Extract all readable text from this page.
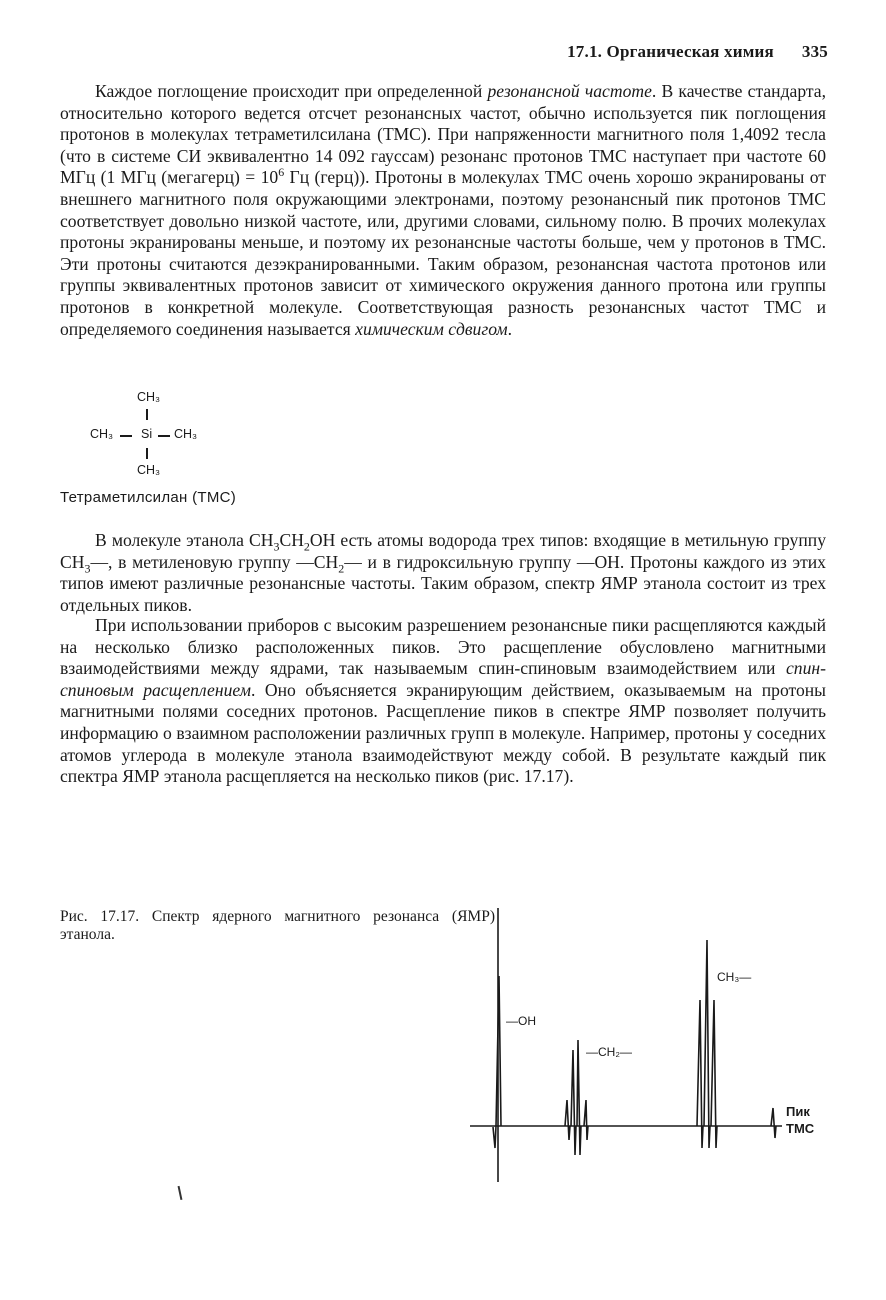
17.1. Органическая химия 335

Каждое поглощение происходит при определенной резонансной частоте. В качестве стандарта, относительно которого ведется отсчет резонансных частот, обычно используется пик поглощения протонов в молекулах тетраметилсилана (ТМС). При напряженности магнитного поля 1,4092 тесла (что в системе СИ эквивалентно 14 092 гауссам) резонанс протонов ТМС наступает при частоте 60 МГц (1 МГц (мегагерц) = $10^6$ Гц (герц)). Протоны в молекулах ТМС очень хорошо экранированы от внешнего магнитного поля окружающими электронами, поэтому резонансный пик протонов ТМС соответствует довольно низкой частоте, или, другими словами, сильному полю. В прочих молекулах протоны экранированы меньше, и поэтому их резонансные частоты больше, чем у протонов в ТМС. Эти протоны считаются дезэкранированными. Таким образом, резонансная частота протонов или группы эквивалентных протонов зависит от химического окружения данного протона или группы протонов в конкретной молекуле. Соответствующая разность резонансных частот ТМС и определяемого соединения называется химическим сдвигом.

CH₃
CH₃ Si CH₃
CH₃
Тетраметилсилан (ТМС)

В молекуле этанола $CH_3CH_2OH$ есть атомы водорода трех типов: входящие в метильную группу $CH_3—$, в метиленовую группу $—CH_2—$ и в гидроксильную группу —OH. Протоны каждого из этих типов имеют различные резонансные частоты. Таким образом, спектр ЯМР этанола состоит из трех отдельных пиков.

При использовании приборов с высоким разрешением резонансные пики расщепляются каждый на несколько близко расположенных пиков. Это расщепление обусловлено магнитными взаимодействиями между ядрами, так называемым спин-спиновым взаимодействием или спин-спиновым расщеплением. Оно объясняется экранирующим действием, оказываемым на протоны магнитными полями соседних протонов. Расщепление пиков в спектре ЯМР позволяет получить информацию о взаимном расположении различных групп в молекуле. Например, протоны у соседних атомов углерода в молекуле этанола взаимодействуют между собой. В результате каждый пик спектра ЯМР этанола расщепляется на несколько пиков (рис. 17.17).

Рис. 17.17. Спектр ядерного магнитного резонанса (ЯМР) этанола.
—OH
—CH₂—
CH₃—
Пик
ТМС
